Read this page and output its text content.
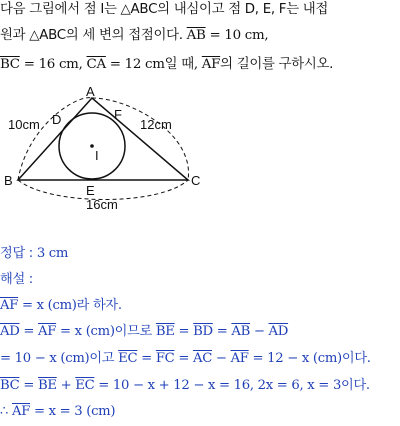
다음 그림에서 점 I는 △ABC의 내심이고 점 D, E, F는 내접
원과 △ABC의 세 변의 접점이다. $\overline{AB} = 10$ cm,
$\overline{BC} = 16$ cm, $\overline{CA} = 12$ cm일 때, $\overline{AF}$의 길이를 구하시오.
A
B	C
D
E
F
I
10cm	12cm
16cm
정답 : 3 cm
해설 :
$\overline{AF} = x$ (cm)라 하자.
$\overline{AD} = \overline{AF} = x$ (cm)이므로 $\overline{BE} = \overline{BD} = \overline{AB} - \overline{AD}$
= 10 − x (cm)이고 $\overline{EC} = \overline{FC} = \overline{AC} - \overline{AF} = 12 - x$ (cm)이다.
$\overline{BC} = \overline{BE} + \overline{EC} = 10 - x + 12 - x = 16$, 2x = 6, x = 3이다.
∴ $\overline{AF} = x = 3$ (cm)
